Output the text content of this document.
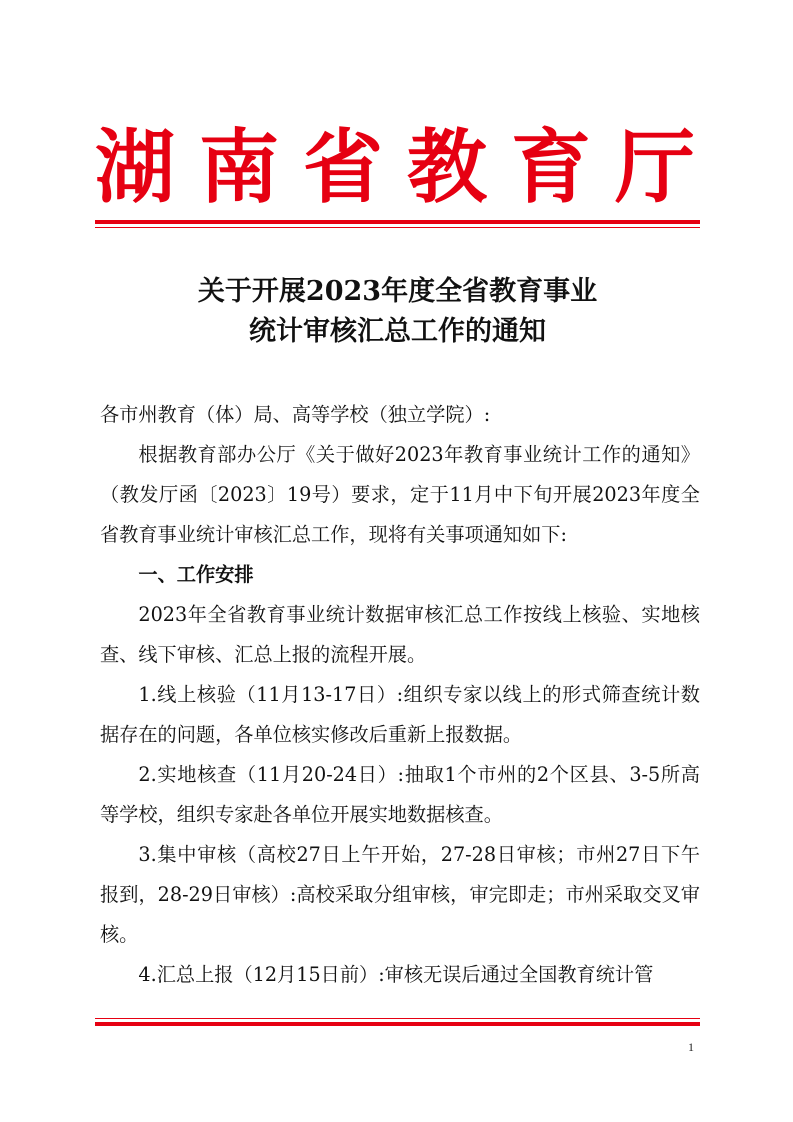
湖 南 省 教 育 厅
关于开展2023年度全省教育事业
统计审核汇总工作的通知
各市州教育（体）局、高等学校（独立学院）:
根据教育部办公厅《关于做好2023年教育事业统计工作的通知》（教发厅函〔2023〕19号）要求，定于11月中下旬开展2023年度全省教育事业统计审核汇总工作，现将有关事项通知如下:
一、工作安排
2023年全省教育事业统计数据审核汇总工作按线上核验、实地核查、线下审核、汇总上报的流程开展。
1.线上核验（11月13-17日）:组织专家以线上的形式筛查统计数据存在的问题，各单位核实修改后重新上报数据。
2.实地核查（11月20-24日）:抽取1个市州的2个区县、3-5所高等学校，组织专家赴各单位开展实地数据核查。
3.集中审核（高校27日上午开始，27-28日审核；市州27日下午报到，28-29日审核）:高校采取分组审核，审完即走；市州采取交叉审核。
4.汇总上报（12月15日前）:审核无误后通过全国教育统计管
1
